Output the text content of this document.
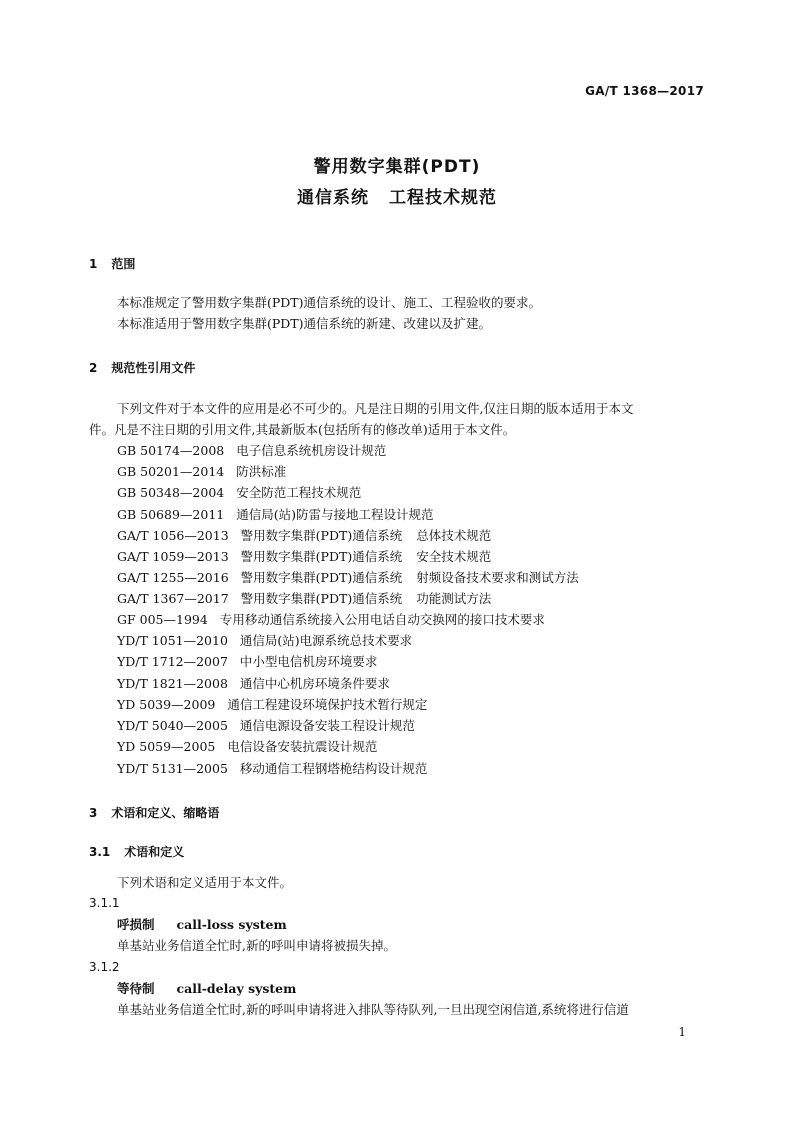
GA/T 1368—2017
警用数字集群(PDT)
通信系统 工程技术规范
1 范围
本标准规定了警用数字集群(PDT)通信系统的设计、施工、工程验收的要求。
本标准适用于警用数字集群(PDT)通信系统的新建、改建以及扩建。
2 规范性引用文件
下列文件对于本文件的应用是必不可少的。凡是注日期的引用文件,仅注日期的版本适用于本文
件。凡是不注日期的引用文件,其最新版本(包括所有的修改单)适用于本文件。
GB 50174—2008 电子信息系统机房设计规范
GB 50201—2014 防洪标准
GB 50348—2004 安全防范工程技术规范
GB 50689—2011 通信局(站)防雷与接地工程设计规范
GA/T 1056—2013 警用数字集群(PDT)通信系统 总体技术规范
GA/T 1059—2013 警用数字集群(PDT)通信系统 安全技术规范
GA/T 1255—2016 警用数字集群(PDT)通信系统 射频设备技术要求和测试方法
GA/T 1367—2017 警用数字集群(PDT)通信系统 功能测试方法
GF 005—1994 专用移动通信系统接入公用电话自动交换网的接口技术要求
YD/T 1051—2010 通信局(站)电源系统总技术要求
YD/T 1712—2007 中小型电信机房环境要求
YD/T 1821—2008 通信中心机房环境条件要求
YD 5039—2009 通信工程建设环境保护技术暂行规定
YD/T 5040—2005 通信电源设备安装工程设计规范
YD 5059—2005 电信设备安装抗震设计规范
YD/T 5131—2005 移动通信工程钢塔桅结构设计规范
3 术语和定义、缩略语
3.1 术语和定义
下列术语和定义适用于本文件。
3.1.1
呼损制 call-loss system
单基站业务信道全忙时,新的呼叫申请将被损失掉。
3.1.2
等待制 call-delay system
单基站业务信道全忙时,新的呼叫申请将进入排队等待队列,一旦出现空闲信道,系统将进行信道
1
